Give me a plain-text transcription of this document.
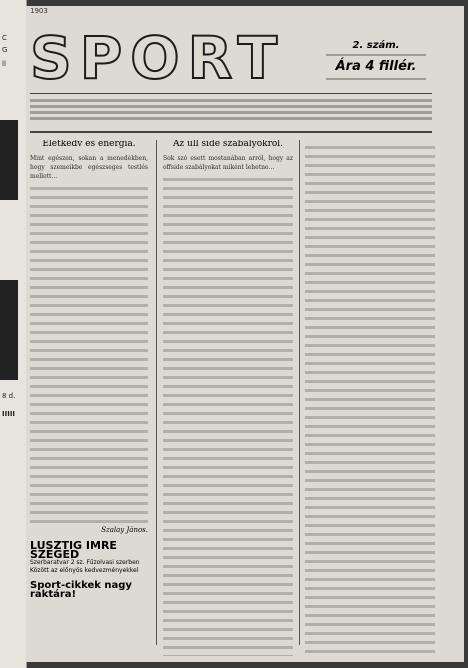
C
G
ll
8 d.
IIIII
1903
SPORT	2. szám.
Ára 4 fillér.
Életkedv és energia.
Mint egészen, sokan a menedékben, hogy szemeikbe egészseges testlés mellett...
Szalay János.
LUSZTIG IMRE SZEGED
Szerbaratvar 2 sz. Fűzolvasi szerben
Között az előnyös kedvezményekkel
Sport-cikkek nagy raktára!
Az ull side szabályokról.
Sok szó esett mostanában arról, hogy az offside szabályokat miként lehetne...
